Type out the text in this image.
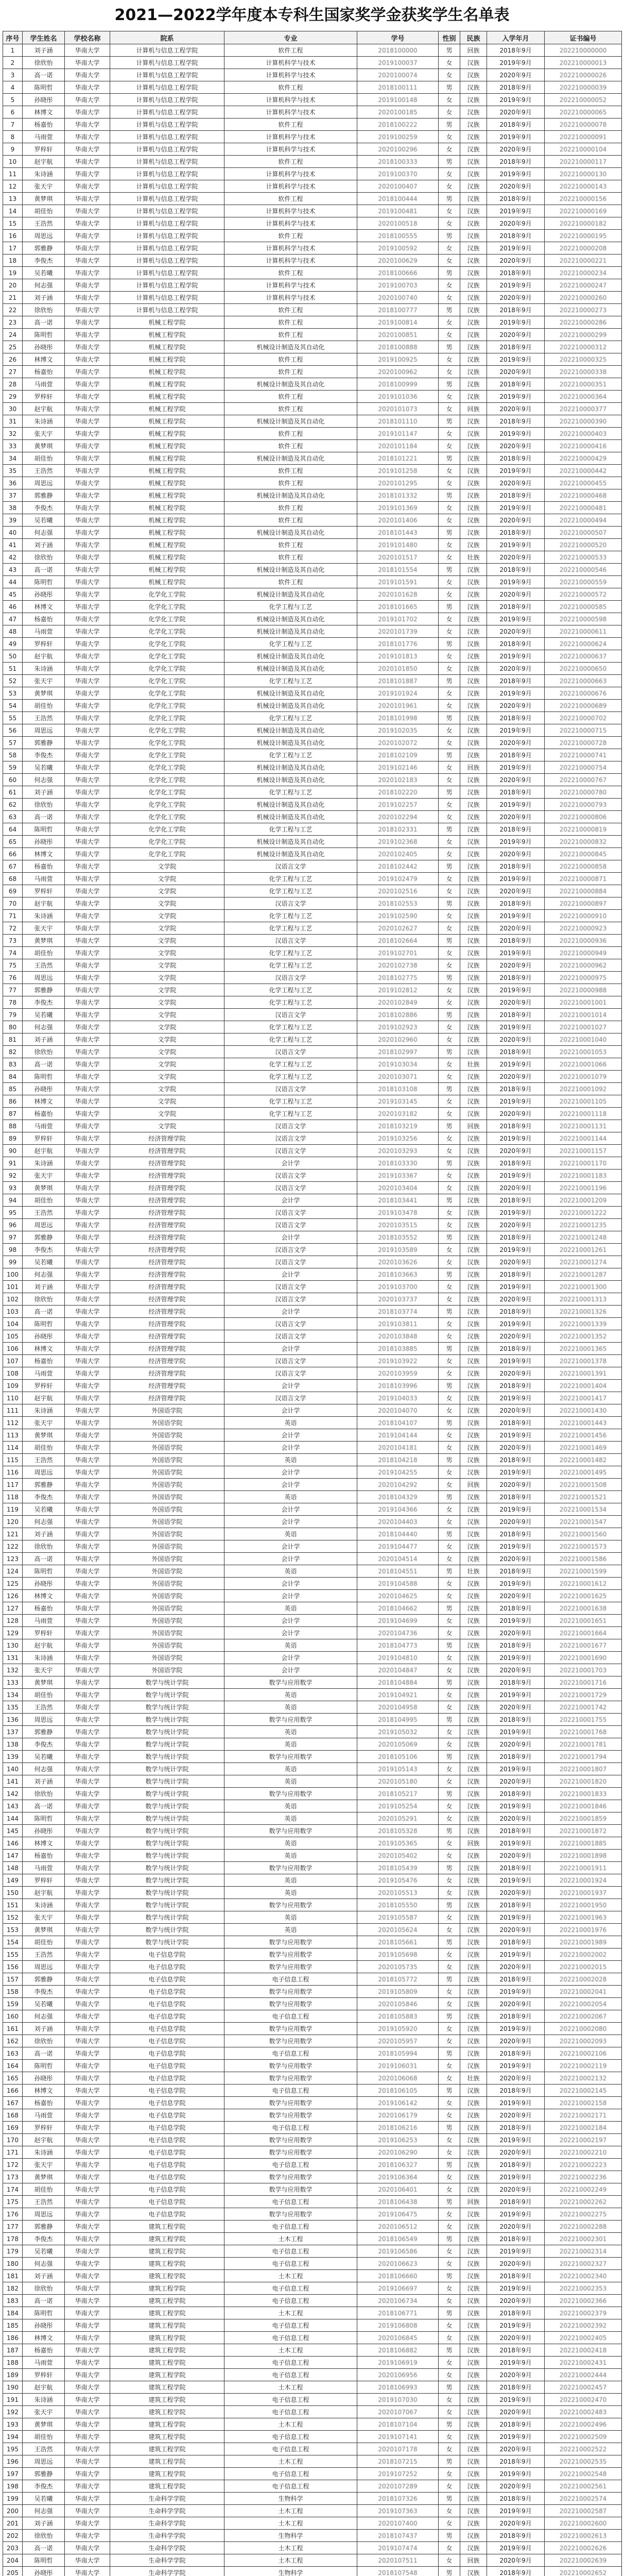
2021—2022学年度本专科生国家奖学金获奖学生名单表
序号	学生姓名	学校名称	院系	专业	学号	性别	民族	入学年月	证书编号
1	刘子涵	华南大学	计算机与信息工程学院	软件工程	2018100000	男	回族	2018年9月	202210000000
2	徐欣怡	华南大学	计算机与信息工程学院	计算机科学与技术	2019100037	女	汉族	2019年9月	202210000013
3	高一诺	华南大学	计算机与信息工程学院	计算机科学与技术	2020100074	女	汉族	2020年9月	202210000026
4	陈明哲	华南大学	计算机与信息工程学院	软件工程	2018100111	男	汉族	2018年9月	202210000039
5	孙晓彤	华南大学	计算机与信息工程学院	计算机科学与技术	2019100148	女	汉族	2019年9月	202210000052
6	林博文	华南大学	计算机与信息工程学院	计算机科学与技术	2020100185	女	汉族	2020年9月	202210000065
7	杨嘉怡	华南大学	计算机与信息工程学院	软件工程	2018100222	男	汉族	2018年9月	202210000078
8	马雨萱	华南大学	计算机与信息工程学院	计算机科学与技术	2019100259	女	汉族	2019年9月	202210000091
9	罗梓轩	华南大学	计算机与信息工程学院	计算机科学与技术	2020100296	女	汉族	2020年9月	202210000104
10	赵宇航	华南大学	计算机与信息工程学院	软件工程	2018100333	男	汉族	2018年9月	202210000117
11	朱诗涵	华南大学	计算机与信息工程学院	计算机科学与技术	2019100370	女	汉族	2019年9月	202210000130
12	张天宇	华南大学	计算机与信息工程学院	计算机科学与技术	2020100407	女	汉族	2020年9月	202210000143
13	黄梦琪	华南大学	计算机与信息工程学院	软件工程	2018100444	男	汉族	2018年9月	202210000156
14	胡佳怡	华南大学	计算机与信息工程学院	计算机科学与技术	2019100481	女	汉族	2019年9月	202210000169
15	王浩然	华南大学	计算机与信息工程学院	计算机科学与技术	2020100518	女	汉族	2020年9月	202210000182
16	周思远	华南大学	计算机与信息工程学院	软件工程	2018100555	男	汉族	2018年9月	202210000195
17	郭雅静	华南大学	计算机与信息工程学院	计算机科学与技术	2019100592	女	汉族	2019年9月	202210000208
18	李俊杰	华南大学	计算机与信息工程学院	计算机科学与技术	2020100629	女	汉族	2020年9月	202210000221
19	吴若曦	华南大学	计算机与信息工程学院	软件工程	2018100666	男	汉族	2018年9月	202210000234
20	何志强	华南大学	计算机与信息工程学院	计算机科学与技术	2019100703	女	汉族	2019年9月	202210000247
21	刘子涵	华南大学	计算机与信息工程学院	计算机科学与技术	2020100740	女	汉族	2020年9月	202210000260
22	徐欣怡	华南大学	计算机与信息工程学院	软件工程	2018100777	男	汉族	2018年9月	202210000273
23	高一诺	华南大学	机械工程学院	软件工程	2019100814	女	汉族	2019年9月	202210000286
24	陈明哲	华南大学	机械工程学院	软件工程	2020100851	女	汉族	2020年9月	202210000299
25	孙晓彤	华南大学	机械工程学院	机械设计制造及其自动化	2018100888	男	汉族	2018年9月	202210000312
26	林博文	华南大学	机械工程学院	软件工程	2019100925	女	汉族	2019年9月	202210000325
27	杨嘉怡	华南大学	机械工程学院	软件工程	2020100962	女	汉族	2020年9月	202210000338
28	马雨萱	华南大学	机械工程学院	机械设计制造及其自动化	2018100999	男	汉族	2018年9月	202210000351
29	罗梓轩	华南大学	机械工程学院	软件工程	2019101036	女	汉族	2019年9月	202210000364
30	赵宇航	华南大学	机械工程学院	软件工程	2020101073	女	回族	2020年9月	202210000377
31	朱诗涵	华南大学	机械工程学院	机械设计制造及其自动化	2018101110	男	汉族	2018年9月	202210000390
32	张天宇	华南大学	机械工程学院	软件工程	2019101147	女	汉族	2019年9月	202210000403
33	黄梦琪	华南大学	机械工程学院	软件工程	2020101184	女	汉族	2020年9月	202210000416
34	胡佳怡	华南大学	机械工程学院	机械设计制造及其自动化	2018101221	男	汉族	2018年9月	202210000429
35	王浩然	华南大学	机械工程学院	软件工程	2019101258	女	汉族	2019年9月	202210000442
36	周思远	华南大学	机械工程学院	软件工程	2020101295	女	汉族	2020年9月	202210000455
37	郭雅静	华南大学	机械工程学院	机械设计制造及其自动化	2018101332	男	汉族	2018年9月	202210000468
38	李俊杰	华南大学	机械工程学院	软件工程	2019101369	女	汉族	2019年9月	202210000481
39	吴若曦	华南大学	机械工程学院	软件工程	2020101406	女	汉族	2020年9月	202210000494
40	何志强	华南大学	机械工程学院	机械设计制造及其自动化	2018101443	男	汉族	2018年9月	202210000507
41	刘子涵	华南大学	机械工程学院	软件工程	2019101480	女	汉族	2019年9月	202210000520
42	徐欣怡	华南大学	机械工程学院	软件工程	2020101517	女	壮族	2020年9月	202210000533
43	高一诺	华南大学	机械工程学院	机械设计制造及其自动化	2018101554	男	汉族	2018年9月	202210000546
44	陈明哲	华南大学	机械工程学院	软件工程	2019101591	女	汉族	2019年9月	202210000559
45	孙晓彤	华南大学	化学化工学院	机械设计制造及其自动化	2020101628	女	汉族	2020年9月	202210000572
46	林博文	华南大学	化学化工学院	化学工程与工艺	2018101665	男	汉族	2018年9月	202210000585
47	杨嘉怡	华南大学	化学化工学院	机械设计制造及其自动化	2019101702	女	汉族	2019年9月	202210000598
48	马雨萱	华南大学	化学化工学院	机械设计制造及其自动化	2020101739	女	汉族	2020年9月	202210000611
49	罗梓轩	华南大学	化学化工学院	化学工程与工艺	2018101776	男	汉族	2018年9月	202210000624
50	赵宇航	华南大学	化学化工学院	机械设计制造及其自动化	2019101813	女	汉族	2019年9月	202210000637
51	朱诗涵	华南大学	化学化工学院	机械设计制造及其自动化	2020101850	女	汉族	2020年9月	202210000650
52	张天宇	华南大学	化学化工学院	化学工程与工艺	2018101887	男	汉族	2018年9月	202210000663
53	黄梦琪	华南大学	化学化工学院	机械设计制造及其自动化	2019101924	女	汉族	2019年9月	202210000676
54	胡佳怡	华南大学	化学化工学院	机械设计制造及其自动化	2020101961	女	汉族	2020年9月	202210000689
55	王浩然	华南大学	化学化工学院	化学工程与工艺	2018101998	男	汉族	2018年9月	202210000702
56	周思远	华南大学	化学化工学院	机械设计制造及其自动化	2019102035	女	汉族	2019年9月	202210000715
57	郭雅静	华南大学	化学化工学院	机械设计制造及其自动化	2020102072	女	汉族	2020年9月	202210000728
58	李俊杰	华南大学	化学化工学院	化学工程与工艺	2018102109	男	汉族	2018年9月	202210000741
59	吴若曦	华南大学	化学化工学院	机械设计制造及其自动化	2019102146	女	回族	2019年9月	202210000754
60	何志强	华南大学	化学化工学院	机械设计制造及其自动化	2020102183	女	汉族	2020年9月	202210000767
61	刘子涵	华南大学	化学化工学院	化学工程与工艺	2018102220	男	汉族	2018年9月	202210000780
62	徐欣怡	华南大学	化学化工学院	机械设计制造及其自动化	2019102257	女	汉族	2019年9月	202210000793
63	高一诺	华南大学	化学化工学院	机械设计制造及其自动化	2020102294	女	汉族	2020年9月	202210000806
64	陈明哲	华南大学	化学化工学院	化学工程与工艺	2018102331	男	汉族	2018年9月	202210000819
65	孙晓彤	华南大学	化学化工学院	机械设计制造及其自动化	2019102368	女	汉族	2019年9月	202210000832
66	林博文	华南大学	化学化工学院	机械设计制造及其自动化	2020102405	女	汉族	2020年9月	202210000845
67	杨嘉怡	华南大学	文学院	汉语言文学	2018102442	男	汉族	2018年9月	202210000858
68	马雨萱	华南大学	文学院	化学工程与工艺	2019102479	女	汉族	2019年9月	202210000871
69	罗梓轩	华南大学	文学院	化学工程与工艺	2020102516	女	汉族	2020年9月	202210000884
70	赵宇航	华南大学	文学院	汉语言文学	2018102553	男	汉族	2018年9月	202210000897
71	朱诗涵	华南大学	文学院	化学工程与工艺	2019102590	女	汉族	2019年9月	202210000910
72	张天宇	华南大学	文学院	化学工程与工艺	2020102627	女	汉族	2020年9月	202210000923
73	黄梦琪	华南大学	文学院	汉语言文学	2018102664	男	汉族	2018年9月	202210000936
74	胡佳怡	华南大学	文学院	化学工程与工艺	2019102701	女	汉族	2019年9月	202210000949
75	王浩然	华南大学	文学院	化学工程与工艺	2020102738	女	汉族	2020年9月	202210000962
76	周思远	华南大学	文学院	汉语言文学	2018102775	男	汉族	2018年9月	202210000975
77	郭雅静	华南大学	文学院	化学工程与工艺	2019102812	女	汉族	2019年9月	202210000988
78	李俊杰	华南大学	文学院	化学工程与工艺	2020102849	女	汉族	2020年9月	202210001001
79	吴若曦	华南大学	文学院	汉语言文学	2018102886	男	汉族	2018年9月	202210001014
80	何志强	华南大学	文学院	化学工程与工艺	2019102923	女	汉族	2019年9月	202210001027
81	刘子涵	华南大学	文学院	化学工程与工艺	2020102960	女	汉族	2020年9月	202210001040
82	徐欣怡	华南大学	文学院	汉语言文学	2018102997	男	汉族	2018年9月	202210001053
83	高一诺	华南大学	文学院	化学工程与工艺	2019103034	女	壮族	2019年9月	202210001066
84	陈明哲	华南大学	文学院	化学工程与工艺	2020103071	女	汉族	2020年9月	202210001079
85	孙晓彤	华南大学	文学院	汉语言文学	2018103108	男	汉族	2018年9月	202210001092
86	林博文	华南大学	文学院	化学工程与工艺	2019103145	女	汉族	2019年9月	202210001105
87	杨嘉怡	华南大学	文学院	化学工程与工艺	2020103182	女	汉族	2020年9月	202210001118
88	马雨萱	华南大学	文学院	汉语言文学	2018103219	男	回族	2018年9月	202210001131
89	罗梓轩	华南大学	经济管理学院	汉语言文学	2019103256	女	汉族	2019年9月	202210001144
90	赵宇航	华南大学	经济管理学院	汉语言文学	2020103293	女	汉族	2020年9月	202210001157
91	朱诗涵	华南大学	经济管理学院	会计学	2018103330	男	汉族	2018年9月	202210001170
92	张天宇	华南大学	经济管理学院	汉语言文学	2019103367	女	汉族	2019年9月	202210001183
93	黄梦琪	华南大学	经济管理学院	汉语言文学	2020103404	女	汉族	2020年9月	202210001196
94	胡佳怡	华南大学	经济管理学院	会计学	2018103441	男	汉族	2018年9月	202210001209
95	王浩然	华南大学	经济管理学院	汉语言文学	2019103478	女	汉族	2019年9月	202210001222
96	周思远	华南大学	经济管理学院	汉语言文学	2020103515	女	汉族	2020年9月	202210001235
97	郭雅静	华南大学	经济管理学院	会计学	2018103552	男	汉族	2018年9月	202210001248
98	李俊杰	华南大学	经济管理学院	汉语言文学	2019103589	女	汉族	2019年9月	202210001261
99	吴若曦	华南大学	经济管理学院	汉语言文学	2020103626	女	汉族	2020年9月	202210001274
100	何志强	华南大学	经济管理学院	会计学	2018103663	男	汉族	2018年9月	202210001287
101	刘子涵	华南大学	经济管理学院	汉语言文学	2019103700	女	汉族	2019年9月	202210001300
102	徐欣怡	华南大学	经济管理学院	汉语言文学	2020103737	女	汉族	2020年9月	202210001313
103	高一诺	华南大学	经济管理学院	会计学	2018103774	男	汉族	2018年9月	202210001326
104	陈明哲	华南大学	经济管理学院	汉语言文学	2019103811	女	汉族	2019年9月	202210001339
105	孙晓彤	华南大学	经济管理学院	汉语言文学	2020103848	女	汉族	2020年9月	202210001352
106	林博文	华南大学	经济管理学院	会计学	2018103885	男	汉族	2018年9月	202210001365
107	杨嘉怡	华南大学	经济管理学院	汉语言文学	2019103922	女	汉族	2019年9月	202210001378
108	马雨萱	华南大学	经济管理学院	汉语言文学	2020103959	女	汉族	2020年9月	202210001391
109	罗梓轩	华南大学	经济管理学院	会计学	2018103996	男	汉族	2018年9月	202210001404
110	赵宇航	华南大学	经济管理学院	汉语言文学	2019104033	女	汉族	2019年9月	202210001417
111	朱诗涵	华南大学	外国语学院	会计学	2020104070	女	汉族	2020年9月	202210001430
112	张天宇	华南大学	外国语学院	英语	2018104107	男	汉族	2018年9月	202210001443
113	黄梦琪	华南大学	外国语学院	会计学	2019104144	女	汉族	2019年9月	202210001456
114	胡佳怡	华南大学	外国语学院	会计学	2020104181	女	汉族	2020年9月	202210001469
115	王浩然	华南大学	外国语学院	英语	2018104218	男	汉族	2018年9月	202210001482
116	周思远	华南大学	外国语学院	会计学	2019104255	女	汉族	2019年9月	202210001495
117	郭雅静	华南大学	外国语学院	会计学	2020104292	女	回族	2020年9月	202210001508
118	李俊杰	华南大学	外国语学院	英语	2018104329	男	汉族	2018年9月	202210001521
119	吴若曦	华南大学	外国语学院	会计学	2019104366	女	汉族	2019年9月	202210001534
120	何志强	华南大学	外国语学院	会计学	2020104403	女	汉族	2020年9月	202210001547
121	刘子涵	华南大学	外国语学院	英语	2018104440	男	汉族	2018年9月	202210001560
122	徐欣怡	华南大学	外国语学院	会计学	2019104477	女	汉族	2019年9月	202210001573
123	高一诺	华南大学	外国语学院	会计学	2020104514	女	汉族	2020年9月	202210001586
124	陈明哲	华南大学	外国语学院	英语	2018104551	男	壮族	2018年9月	202210001599
125	孙晓彤	华南大学	外国语学院	会计学	2019104588	女	汉族	2019年9月	202210001612
126	林博文	华南大学	外国语学院	会计学	2020104625	女	汉族	2020年9月	202210001625
127	杨嘉怡	华南大学	外国语学院	英语	2018104662	男	汉族	2018年9月	202210001638
128	马雨萱	华南大学	外国语学院	会计学	2019104699	女	汉族	2019年9月	202210001651
129	罗梓轩	华南大学	外国语学院	会计学	2020104736	女	汉族	2020年9月	202210001664
130	赵宇航	华南大学	外国语学院	英语	2018104773	男	汉族	2018年9月	202210001677
131	朱诗涵	华南大学	外国语学院	会计学	2019104810	女	汉族	2019年9月	202210001690
132	张天宇	华南大学	外国语学院	会计学	2020104847	女	汉族	2020年9月	202210001703
133	黄梦琪	华南大学	数学与统计学院	数学与应用数学	2018104884	男	汉族	2018年9月	202210001716
134	胡佳怡	华南大学	数学与统计学院	英语	2019104921	女	汉族	2019年9月	202210001729
135	王浩然	华南大学	数学与统计学院	英语	2020104958	女	汉族	2020年9月	202210001742
136	周思远	华南大学	数学与统计学院	数学与应用数学	2018104995	男	汉族	2018年9月	202210001755
137	郭雅静	华南大学	数学与统计学院	英语	2019105032	女	汉族	2019年9月	202210001768
138	李俊杰	华南大学	数学与统计学院	英语	2020105069	女	汉族	2020年9月	202210001781
139	吴若曦	华南大学	数学与统计学院	数学与应用数学	2018105106	男	汉族	2018年9月	202210001794
140	何志强	华南大学	数学与统计学院	英语	2019105143	女	汉族	2019年9月	202210001807
141	刘子涵	华南大学	数学与统计学院	英语	2020105180	女	汉族	2020年9月	202210001820
142	徐欣怡	华南大学	数学与统计学院	数学与应用数学	2018105217	男	汉族	2018年9月	202210001833
143	高一诺	华南大学	数学与统计学院	英语	2019105254	女	汉族	2019年9月	202210001846
144	陈明哲	华南大学	数学与统计学院	英语	2020105291	女	汉族	2020年9月	202210001859
145	孙晓彤	华南大学	数学与统计学院	数学与应用数学	2018105328	男	汉族	2018年9月	202210001872
146	林博文	华南大学	数学与统计学院	英语	2019105365	女	回族	2019年9月	202210001885
147	杨嘉怡	华南大学	数学与统计学院	英语	2020105402	女	汉族	2020年9月	202210001898
148	马雨萱	华南大学	数学与统计学院	数学与应用数学	2018105439	男	汉族	2018年9月	202210001911
149	罗梓轩	华南大学	数学与统计学院	英语	2019105476	女	汉族	2019年9月	202210001924
150	赵宇航	华南大学	数学与统计学院	英语	2020105513	女	汉族	2020年9月	202210001937
151	朱诗涵	华南大学	数学与统计学院	数学与应用数学	2018105550	男	汉族	2018年9月	202210001950
152	张天宇	华南大学	数学与统计学院	英语	2019105587	女	汉族	2019年9月	202210001963
153	黄梦琪	华南大学	数学与统计学院	英语	2020105624	女	汉族	2020年9月	202210001976
154	胡佳怡	华南大学	数学与统计学院	数学与应用数学	2018105661	男	汉族	2018年9月	202210001989
155	王浩然	华南大学	电子信息学院	数学与应用数学	2019105698	女	汉族	2019年9月	202210002002
156	周思远	华南大学	电子信息学院	数学与应用数学	2020105735	女	汉族	2020年9月	202210002015
157	郭雅静	华南大学	电子信息学院	电子信息工程	2018105772	男	汉族	2018年9月	202210002028
158	李俊杰	华南大学	电子信息学院	数学与应用数学	2019105809	女	汉族	2019年9月	202210002041
159	吴若曦	华南大学	电子信息学院	数学与应用数学	2020105846	女	汉族	2020年9月	202210002054
160	何志强	华南大学	电子信息学院	电子信息工程	2018105883	男	汉族	2018年9月	202210002067
161	刘子涵	华南大学	电子信息学院	数学与应用数学	2019105920	女	汉族	2019年9月	202210002080
162	徐欣怡	华南大学	电子信息学院	数学与应用数学	2020105957	女	汉族	2020年9月	202210002093
163	高一诺	华南大学	电子信息学院	电子信息工程	2018105994	男	汉族	2018年9月	202210002106
164	陈明哲	华南大学	电子信息学院	数学与应用数学	2019106031	女	汉族	2019年9月	202210002119
165	孙晓彤	华南大学	电子信息学院	数学与应用数学	2020106068	女	壮族	2020年9月	202210002132
166	林博文	华南大学	电子信息学院	电子信息工程	2018106105	男	汉族	2018年9月	202210002145
167	杨嘉怡	华南大学	电子信息学院	数学与应用数学	2019106142	女	汉族	2019年9月	202210002158
168	马雨萱	华南大学	电子信息学院	数学与应用数学	2020106179	女	汉族	2020年9月	202210002171
169	罗梓轩	华南大学	电子信息学院	电子信息工程	2018106216	男	汉族	2018年9月	202210002184
170	赵宇航	华南大学	电子信息学院	数学与应用数学	2019106253	女	汉族	2019年9月	202210002197
171	朱诗涵	华南大学	电子信息学院	数学与应用数学	2020106290	女	汉族	2020年9月	202210002210
172	张天宇	华南大学	电子信息学院	电子信息工程	2018106327	男	汉族	2018年9月	202210002223
173	黄梦琪	华南大学	电子信息学院	数学与应用数学	2019106364	女	汉族	2019年9月	202210002236
174	胡佳怡	华南大学	电子信息学院	数学与应用数学	2020106401	女	汉族	2020年9月	202210002249
175	王浩然	华南大学	电子信息学院	电子信息工程	2018106438	男	回族	2018年9月	202210002262
176	周思远	华南大学	电子信息学院	数学与应用数学	2019106475	女	汉族	2019年9月	202210002275
177	郭雅静	华南大学	建筑工程学院	电子信息工程	2020106512	女	汉族	2020年9月	202210002288
178	李俊杰	华南大学	建筑工程学院	土木工程	2018106549	男	汉族	2018年9月	202210002301
179	吴若曦	华南大学	建筑工程学院	电子信息工程	2019106586	女	汉族	2019年9月	202210002314
180	何志强	华南大学	建筑工程学院	电子信息工程	2020106623	女	汉族	2020年9月	202210002327
181	刘子涵	华南大学	建筑工程学院	土木工程	2018106660	男	汉族	2018年9月	202210002340
182	徐欣怡	华南大学	建筑工程学院	电子信息工程	2019106697	女	汉族	2019年9月	202210002353
183	高一诺	华南大学	建筑工程学院	电子信息工程	2020106734	女	汉族	2020年9月	202210002366
184	陈明哲	华南大学	建筑工程学院	土木工程	2018106771	男	汉族	2018年9月	202210002379
185	孙晓彤	华南大学	建筑工程学院	电子信息工程	2019106808	女	汉族	2019年9月	202210002392
186	林博文	华南大学	建筑工程学院	电子信息工程	2020106845	女	汉族	2020年9月	202210002405
187	杨嘉怡	华南大学	建筑工程学院	土木工程	2018106882	男	汉族	2018年9月	202210002418
188	马雨萱	华南大学	建筑工程学院	电子信息工程	2019106919	女	汉族	2019年9月	202210002431
189	罗梓轩	华南大学	建筑工程学院	电子信息工程	2020106956	女	汉族	2020年9月	202210002444
190	赵宇航	华南大学	建筑工程学院	土木工程	2018106993	男	汉族	2018年9月	202210002457
191	朱诗涵	华南大学	建筑工程学院	电子信息工程	2019107030	女	汉族	2019年9月	202210002470
192	张天宇	华南大学	建筑工程学院	电子信息工程	2020107067	女	汉族	2020年9月	202210002483
193	黄梦琪	华南大学	建筑工程学院	土木工程	2018107104	男	汉族	2018年9月	202210002496
194	胡佳怡	华南大学	建筑工程学院	电子信息工程	2019107141	女	汉族	2019年9月	202210002509
195	王浩然	华南大学	建筑工程学院	电子信息工程	2020107178	女	汉族	2020年9月	202210002522
196	周思远	华南大学	建筑工程学院	土木工程	2018107215	男	汉族	2018年9月	202210002535
197	郭雅静	华南大学	建筑工程学院	电子信息工程	2019107252	女	汉族	2019年9月	202210002548
198	李俊杰	华南大学	建筑工程学院	电子信息工程	2020107289	女	汉族	2020年9月	202210002561
199	吴若曦	华南大学	生命科学学院	生物科学	2018107326	男	汉族	2018年9月	202210002574
200	何志强	华南大学	生命科学学院	土木工程	2019107363	女	汉族	2019年9月	202210002587
201	刘子涵	华南大学	生命科学学院	土木工程	2020107400	女	汉族	2020年9月	202210002600
202	徐欣怡	华南大学	生命科学学院	生物科学	2018107437	男	汉族	2018年9月	202210002613
203	高一诺	华南大学	生命科学学院	土木工程	2019107474	女	汉族	2019年9月	202210002626
204	陈明哲	华南大学	生命科学学院	土木工程	2020107511	女	回族	2020年9月	202210002639
205	孙晓彤	华南大学	生命科学学院	生物科学	2018107548	男	汉族	2018年9月	202210002652
